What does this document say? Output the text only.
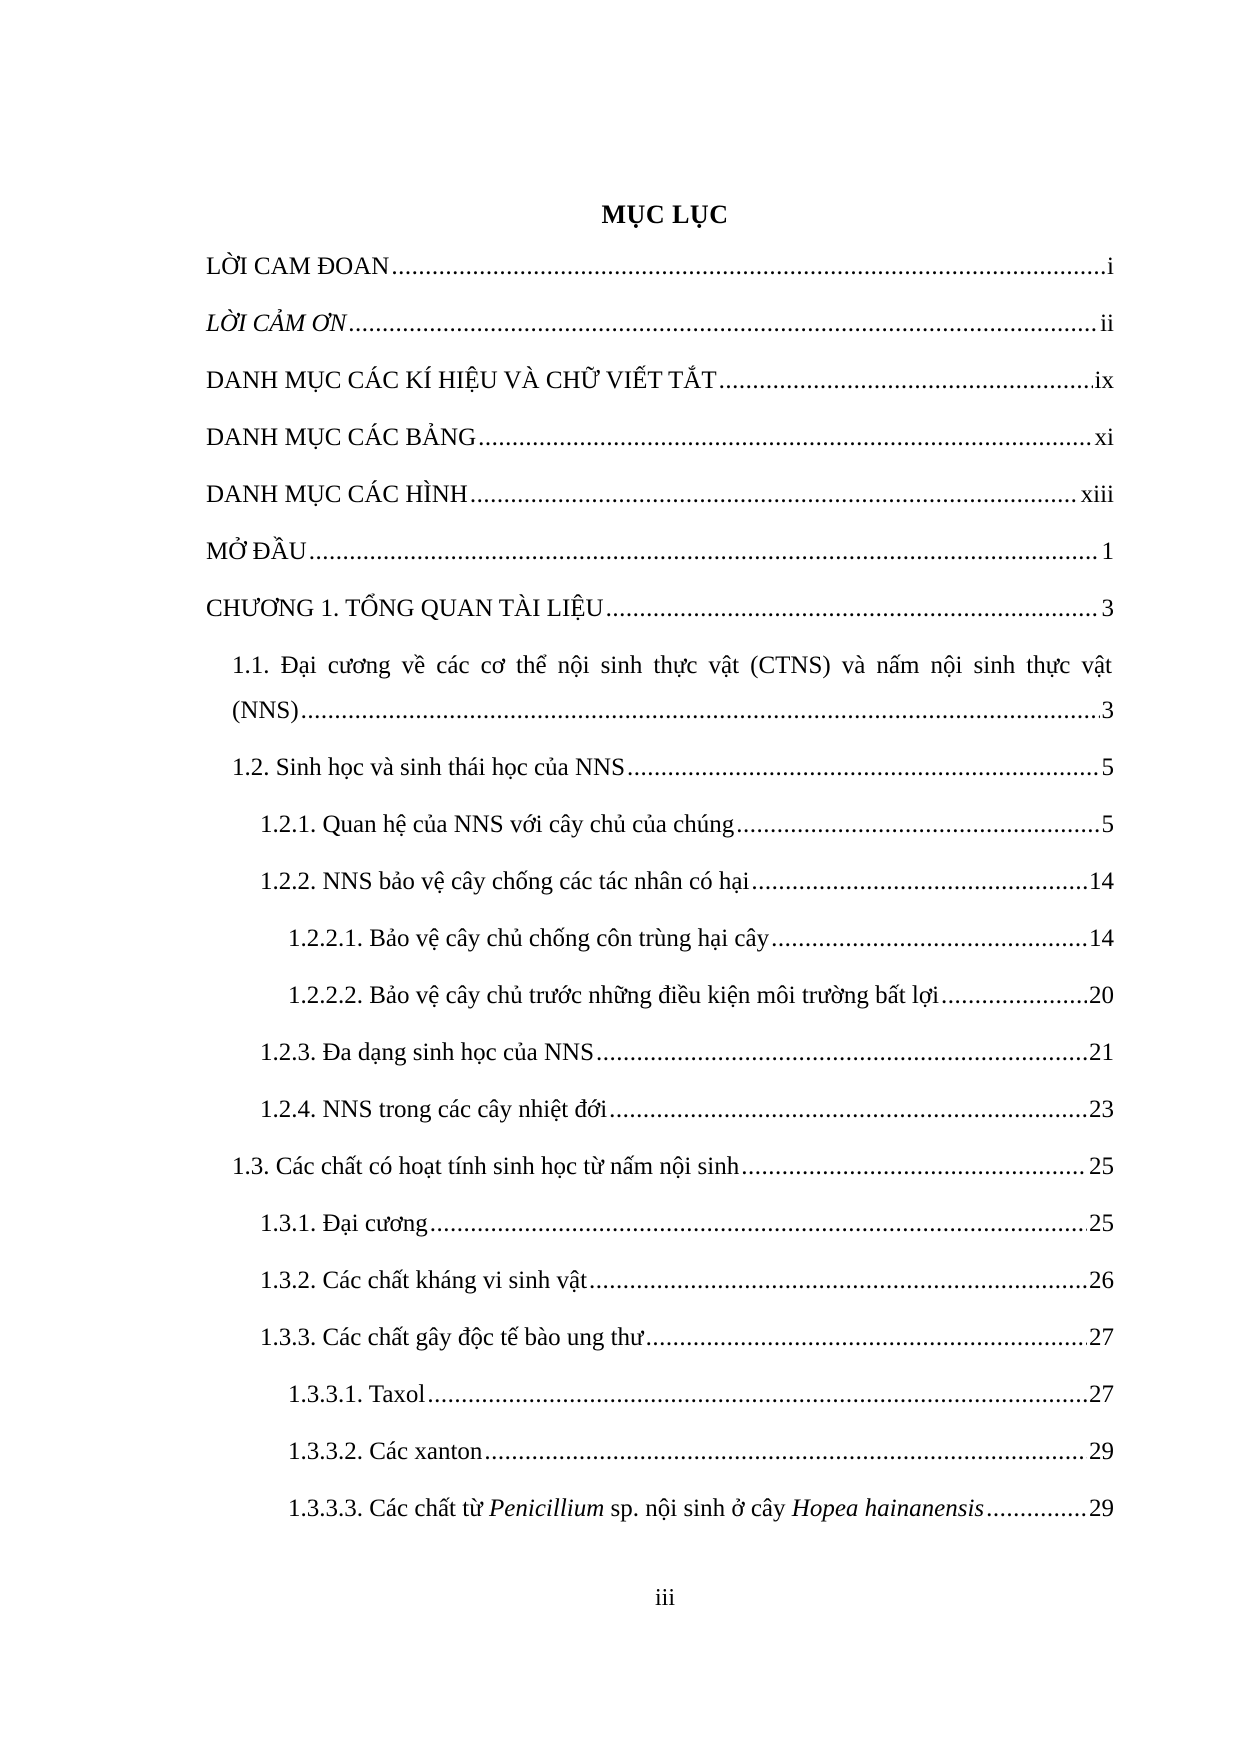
MỤC LỤC
LỜI CAM ĐOAN .....	i
LỜI CẢM ƠN .....	ii
DANH MỤC CÁC KÍ HIỆU VÀ CHỮ VIẾT TẮT .....	ix
DANH MỤC CÁC BẢNG .....	xi
DANH MỤC CÁC HÌNH .....	xiii
MỞ ĐẦU .....	1
CHƯƠNG 1. TỔNG QUAN TÀI LIỆU .....	3
1.1. Đại cương về các cơ thể nội sinh thực vật (CTNS) và nấm nội sinh thực vật
(NNS) .....	3
1.2. Sinh học và sinh thái học của NNS .....	5
1.2.1. Quan hệ của NNS với cây chủ của chúng .....	5
1.2.2. NNS bảo vệ cây chống các tác nhân có hại .....	14
1.2.2.1. Bảo vệ cây chủ chống côn trùng hại cây .....	14
1.2.2.2. Bảo vệ cây chủ trước những điều kiện môi trường bất lợi .....	20
1.2.3. Đa dạng sinh học của NNS .....	21
1.2.4. NNS trong các cây nhiệt đới .....	23
1.3. Các chất có hoạt tính sinh học từ nấm nội sinh .....	25
1.3.1. Đại cương .....	25
1.3.2. Các chất kháng vi sinh vật .....	26
1.3.3. Các chất gây độc tế bào ung thư .....	27
1.3.3.1. Taxol .....	27
1.3.3.2. Các xanton .....	29
1.3.3.3. Các chất từ Penicillium sp. nội sinh ở cây Hopea hainanensis .....	29
iii
